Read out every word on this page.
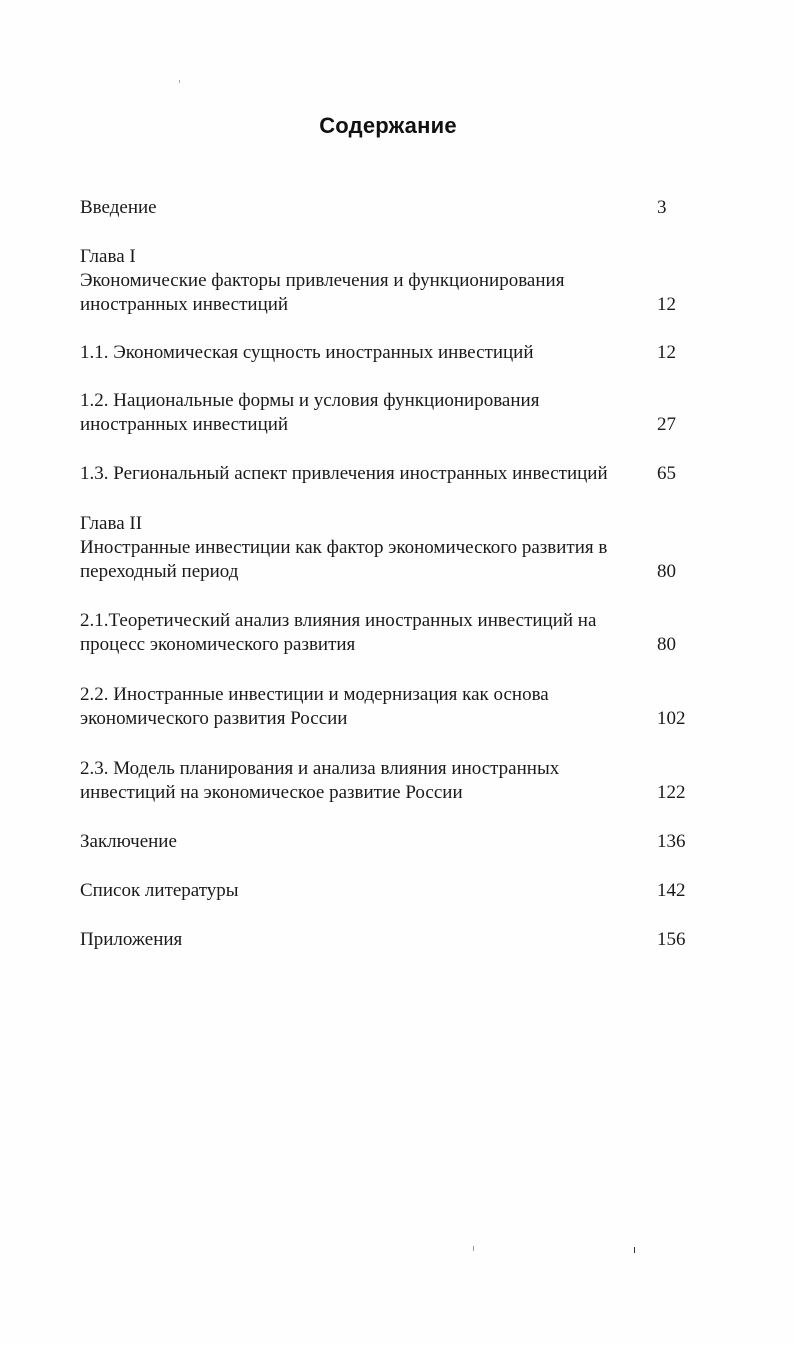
Содержание
Введение	3
Глава I
Экономические факторы привлечения и функционирования
иностранных инвестиций	12
1.1. Экономическая сущность иностранных инвестиций	12
1.2. Национальные формы и условия функционирования
иностранных инвестиций	27
1.3. Региональный аспект привлечения иностранных инвестиций	65
Глава II
Иностранные инвестиции как фактор экономического развития в
переходный период	80
2.1.Теоретический анализ влияния иностранных инвестиций на
процесс экономического развития	80
2.2. Иностранные инвестиции и модернизация как основа
экономического развития России	102
2.3. Модель планирования и анализа влияния иностранных
инвестиций на экономическое развитие России	122
Заключение	136
Список литературы	142
Приложения	156
